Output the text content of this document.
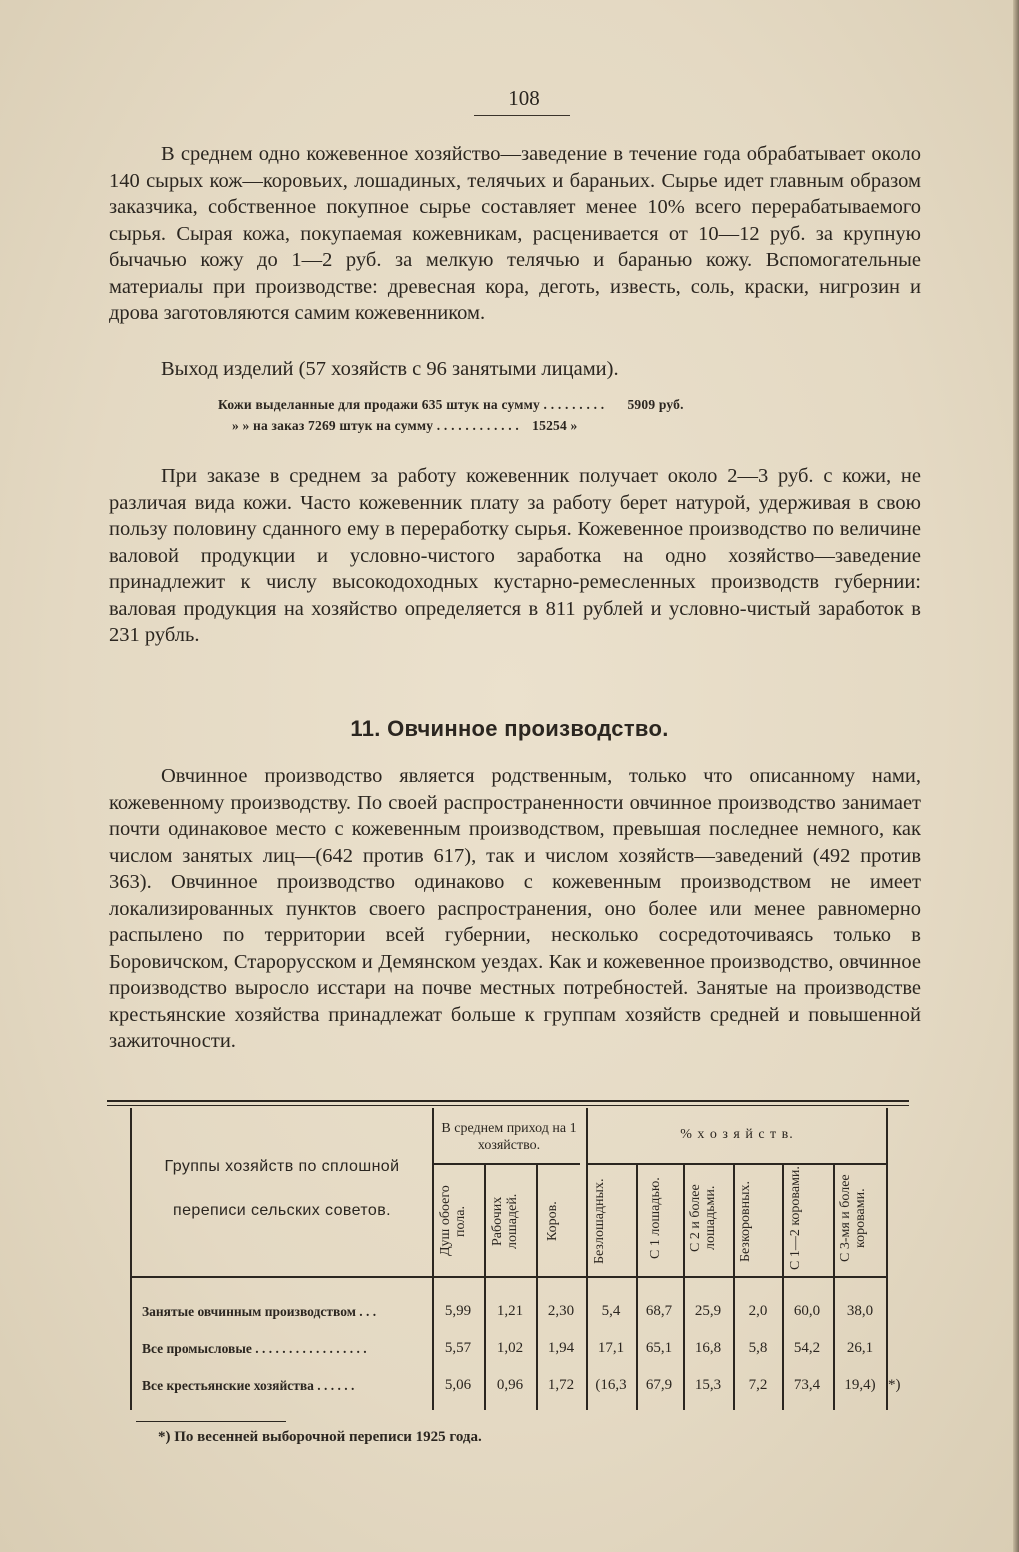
108

В среднем одно кожевенное хозяйство—заведение в течение года обрабатывает около 140 сырых кож—коровьих, лошадиных, телячьих и бараньих. Сырье идет главным образом заказчика, собственное покупное сырье составляет менее 10% всего перерабатываемого сырья. Сырая кожа, покупаемая кожевникам, расценивается от 10—12 руб. за крупную бычачью кожу до 1—2 руб. за мелкую телячью и баранью кожу. Вспомогательные материалы при производстве: древесная кора, деготь, известь, соль, краски, нигрозин и дрова заготовляются самим кожевенником.

Выход изделий (57 хозяйств с 96 занятыми лицами).

Кожи выделанные для продажи 635 штук на сумму . . . . . . . . . 5909 руб.
» » на заказ 7269 штук на сумму . . . . . . . . . . . . 15254 »

При заказе в среднем за работу кожевенник получает около 2—3 руб. с кожи, не различая вида кожи. Часто кожевенник плату за работу берет натурой, удерживая в свою пользу половину сданного ему в переработку сырья. Кожевенное производство по величине валовой продукции и условно-чистого заработка на одно хозяйство—заведение принадлежит к числу высокодоходных кустарно-ремесленных производств губернии: валовая продукция на хозяйство определяется в 811 рублей и условно-чистый заработок в 231 рубль.

11. Овчинное производство.

Овчинное производство является родственным, только что описанному нами, кожевенному производству. По своей распространенности овчинное производство занимает почти одинаковое место с кожевенным производством, превышая последнее немного, как числом занятых лиц—(642 против 617), так и числом хозяйств—заведений (492 против 363). Овчинное производство одинаково с кожевенным производством не имеет локализированных пунктов своего распространения, оно более или менее равномерно распылено по территории всей губернии, несколько сосредоточиваясь только в Боровичском, Старорусском и Демянском уездах. Как и кожевенное производство, овчинное производство выросло исстари на почве местных потребностей. Занятые на производстве крестьянские хозяйства принадлежат больше к группам хозяйств средней и повышенной зажиточности.

Группы хозяйств по сплошной
переписи сельских советов.
В среднем приход на 1 хозяйство.
% х о з я й с т в.
Душ обоего пола.	Рабочих лошадей.	Коров.	Безлошадных.	С 1 лошадью.	С 2 и более лошадьми.	Безкоровных.	С 1—2 коровами.	С 3-мя и более коровами.
Занятые овчинным производством . . .	5,99	1,21	2,30	5,4	68,7	25,9	2,0	60,0	38,0
Все промысловые . . . . . . . . . . . . . . . . .	5,57	1,02	1,94	17,1	65,1	16,8	5,8	54,2	26,1
Все крестьянские хозяйства . . . . . .	5,06	0,96	1,72	(16,3	67,9	15,3	7,2	73,4	19,4) *)
*) По весенней выборочной переписи 1925 года.
